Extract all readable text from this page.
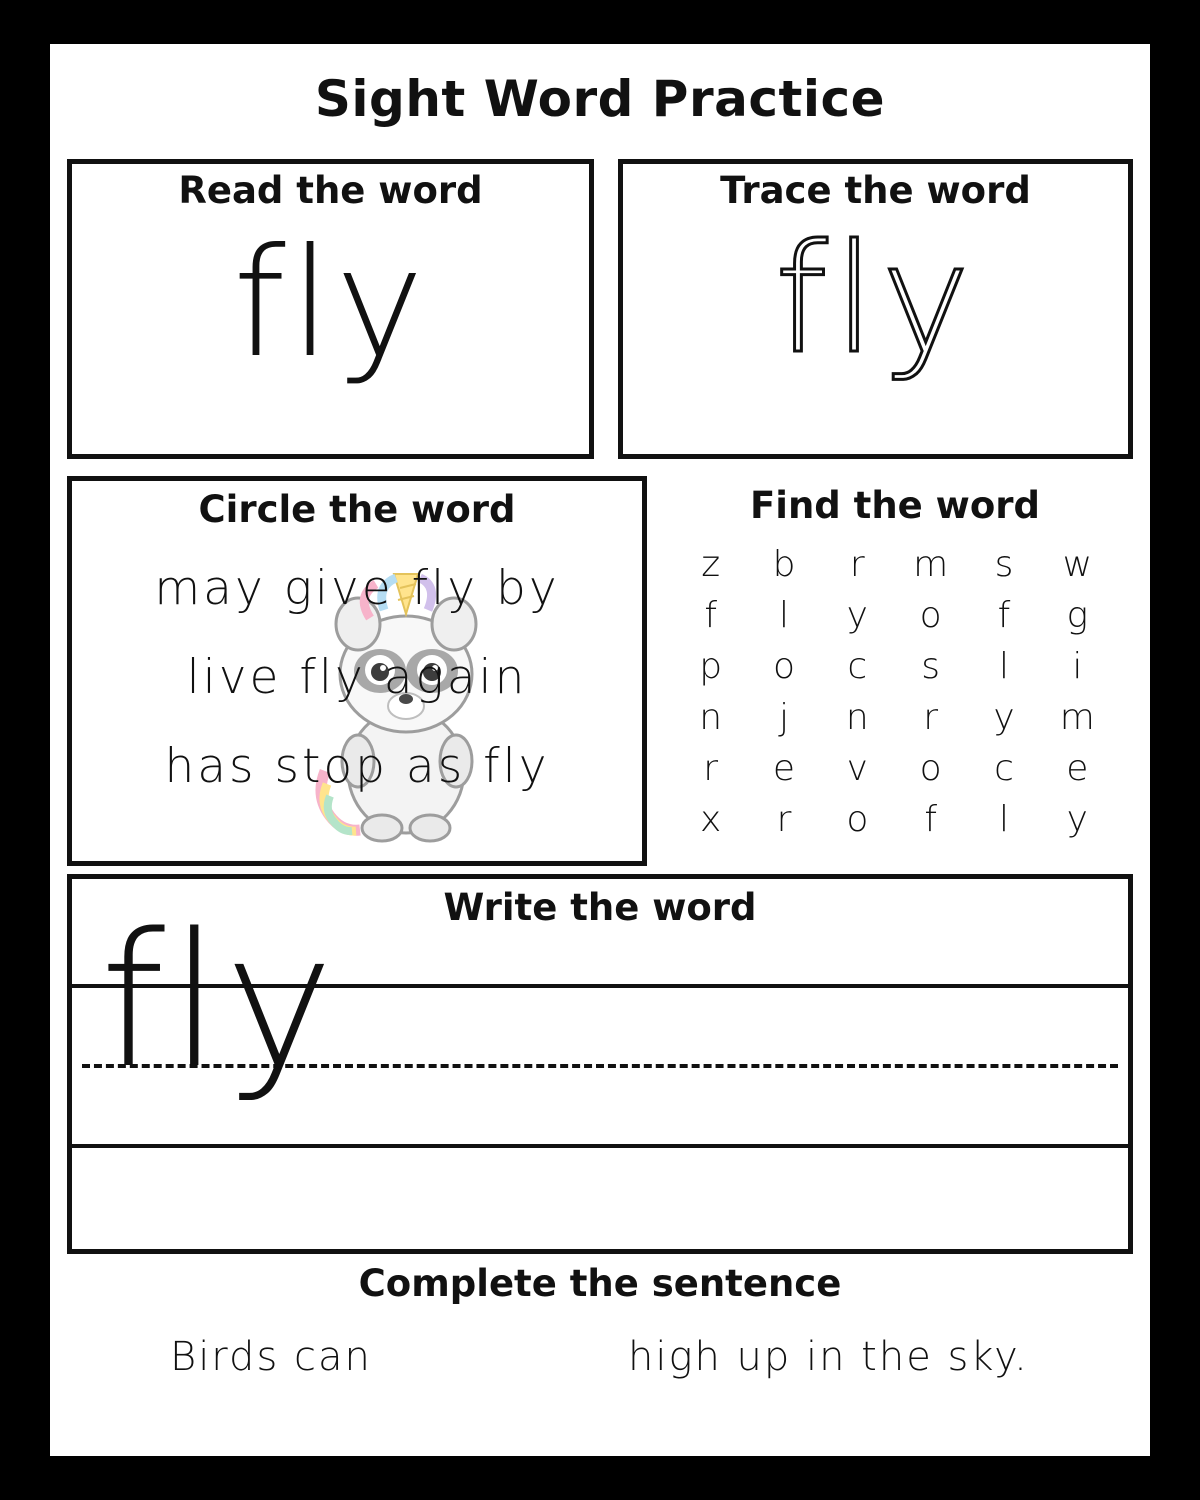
Sight Word Practice
Read the word
fly
Trace the word
fly
Circle the word
may give fly by
live fly again
has stop as fly
Find the word
z	b	r	m	s	w
f	l	y	o	f	g
p	o	c	s	l	i
n	j	n	r	y	m
r	e	v	o	c	e
x	r	o	f	l	y
Write the word
fly
Complete the sentence
Birds can	high up in the sky.
